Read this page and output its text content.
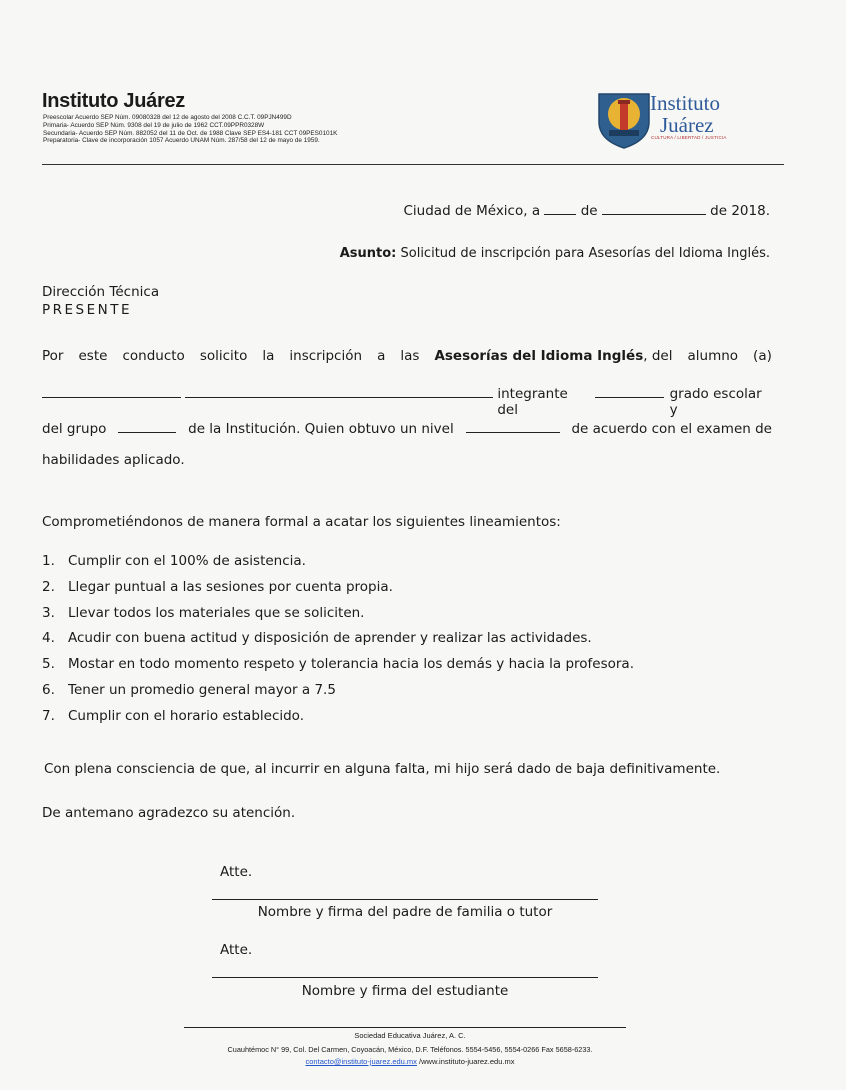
Instituto Juárez
Preescolar Acuerdo SEP Núm. 09080328 del 12 de agosto del 2008 C.C.T. 09PJN499D
Primaria- Acuerdo SEP Núm. 9308 del 19 de julio de 1962 CCT.09PPR0328W
Secundaria- Acuerdo SEP Núm. 882052 del 11 de Oct. de 1988 Clave SEP ES4-181 CCT 09PES0101K
Preparatoria- Clave de incorporación 1057 Acuerdo UNAM Núm. 287/58 del 12 de mayo de 1959.
Instituto
Juárez
CULTURA / LIBERTAD / JUSTICIA
Ciudad de México, a	de	de 2018.
Asunto: Solicitud de inscripción para Asesorías del Idioma Inglés.
Dirección Técnica
PRESENTE
Por este conducto solicito la inscripción a las Asesorías del Idioma Inglés, del alumno (a)
integrante del
grado escolar y
del grupo	de la Institución. Quien obtuvo un nivel	de acuerdo con el examen de
habilidades aplicado.
Comprometiéndonos de manera formal a acatar los siguientes lineamientos:
1. Cumplir con el 100% de asistencia.
2. Llegar puntual a las sesiones por cuenta propia.
3. Llevar todos los materiales que se soliciten.
4. Acudir con buena actitud y disposición de aprender y realizar las actividades.
5. Mostar en todo momento respeto y tolerancia hacia los demás y hacia la profesora.
6. Tener un promedio general mayor a 7.5
7. Cumplir con el horario establecido.
Con plena consciencia de que, al incurrir en alguna falta, mi hijo será dado de baja definitivamente.
De antemano agradezco su atención.
Atte.
Nombre y firma del padre de familia o tutor
Atte.
Nombre y firma del estudiante
Sociedad Educativa Juárez, A. C.
Cuauhtémoc N° 99, Col. Del Carmen, Coyoacán, México, D.F. Teléfonos. 5554-5456, 5554-0266 Fax 5658-6233.
contacto@instituto-juarez.edu.mx /www.instituto-juarez.edu.mx
